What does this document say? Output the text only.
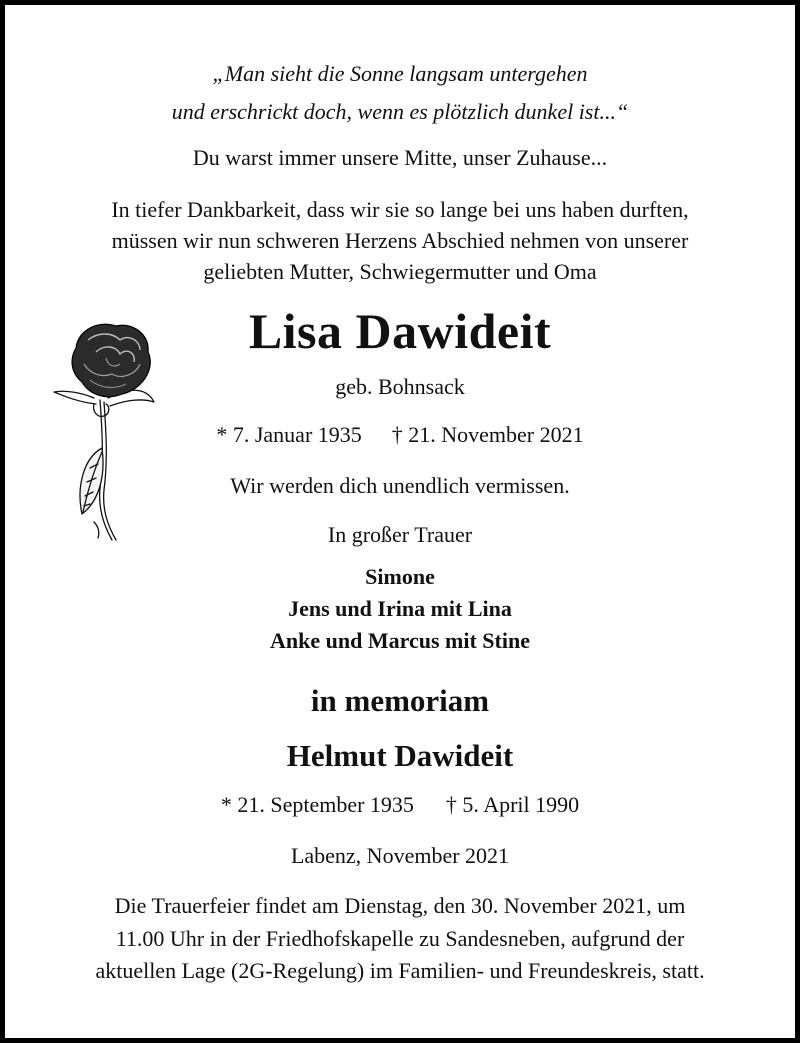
„Man sieht die Sonne langsam untergehen
und erschrickt doch, wenn es plötzlich dunkel ist...“
Du warst immer unsere Mitte, unser Zuhause...
In tiefer Dankbarkeit, dass wir sie so lange bei uns haben durften,
müssen wir nun schweren Herzens Abschied nehmen von unserer
geliebten Mutter, Schwiegermutter und Oma
Lisa Dawideit
geb. Bohnsack
* 7. Januar 1935 † 21. November 2021
Wir werden dich unendlich vermissen.
In großer Trauer
Simone
Jens und Irina mit Lina
Anke und Marcus mit Stine
in memoriam
Helmut Dawideit
* 21. September 1935 † 5. April 1990
Labenz, November 2021
Die Trauerfeier findet am Dienstag, den 30. November 2021, um
11.00 Uhr in der Friedhofskapelle zu Sandesneben, aufgrund der
aktuellen Lage (2G-Regelung) im Familien- und Freundeskreis, statt.
